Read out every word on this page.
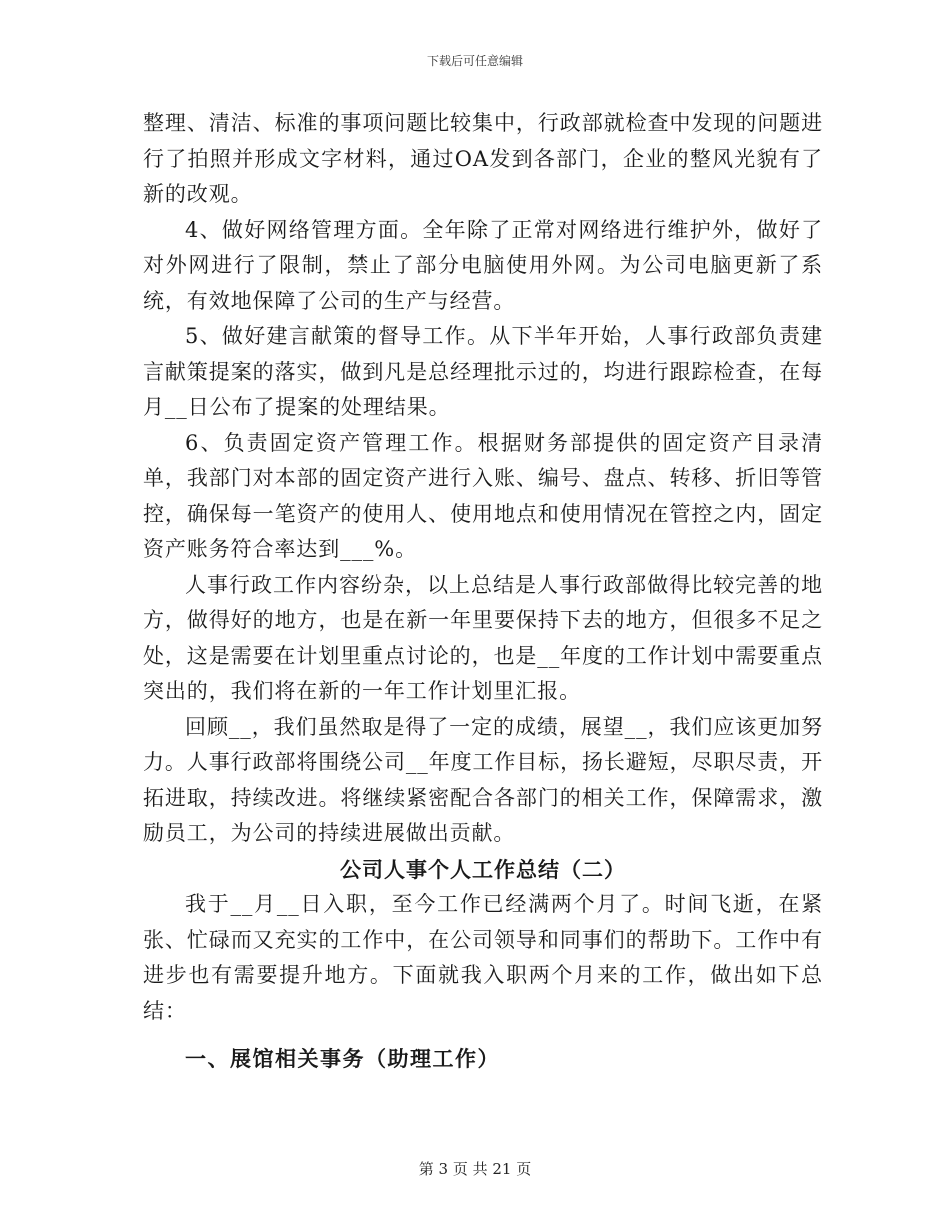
下载后可任意编辑

整理、清洁、标准的事项问题比较集中，行政部就检查中发现的问题进行了拍照并形成文字材料，通过OA发到各部门，企业的整风光貌有了新的改观。

4、做好网络管理方面。全年除了正常对网络进行维护外，做好了对外网进行了限制，禁止了部分电脑使用外网。为公司电脑更新了系统，有效地保障了公司的生产与经营。

5、做好建言献策的督导工作。从下半年开始，人事行政部负责建言献策提案的落实，做到凡是总经理批示过的，均进行跟踪检查，在每月__日公布了提案的处理结果。

6、负责固定资产管理工作。根据财务部提供的固定资产目录清单，我部门对本部的固定资产进行入账、编号、盘点、转移、折旧等管控，确保每一笔资产的使用人、使用地点和使用情况在管控之内，固定资产账务符合率达到___%。

人事行政工作内容纷杂，以上总结是人事行政部做得比较完善的地方，做得好的地方，也是在新一年里要保持下去的地方，但很多不足之处，这是需要在计划里重点讨论的，也是__年度的工作计划中需要重点突出的，我们将在新的一年工作计划里汇报。

回顾__，我们虽然取是得了一定的成绩，展望__，我们应该更加努力。人事行政部将围绕公司__年度工作目标，扬长避短，尽职尽责，开拓进取，持续改进。将继续紧密配合各部门的相关工作，保障需求，激励员工，为公司的持续进展做出贡献。

公司人事个人工作总结（二）

我于__月__日入职，至今工作已经满两个月了。时间飞逝，在紧张、忙碌而又充实的工作中，在公司领导和同事们的帮助下。工作中有进步也有需要提升地方。下面就我入职两个月来的工作，做出如下总结：

一、展馆相关事务（助理工作）

第 3 页 共 21 页
